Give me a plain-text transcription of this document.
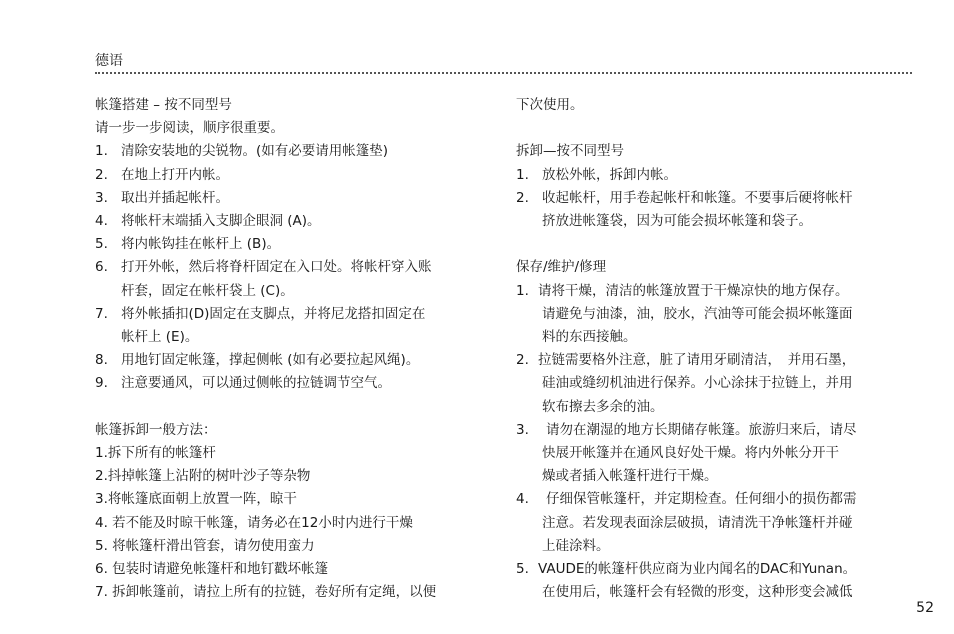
德语

帐篷搭建 – 按不同型号

请一步一步阅读，顺序很重要。

1. 清除安装地的尖锐物。(如有必要请用帐篷垫)
2. 在地上打开内帐。
3. 取出并插起帐杆。
4. 将帐杆末端插入支脚企眼洞 (A)。
5. 将内帐钩挂在帐杆上 (B)。
6. 打开外帐，然后将脊杆固定在入口处。将帐杆穿入账

杆套，固定在帐杆袋上 (C)。

7. 将外帐插扣(D)固定在支脚点，并将尼龙搭扣固定在

帐杆上 (E)。

8. 用地钉固定帐篷，撑起侧帐 (如有必要拉起风绳)。
9. 注意要通风，可以通过侧帐的拉链调节空气。

帐篷拆卸一般方法：

1.拆下所有的帐篷杆

2.抖掉帐篷上沾附的树叶沙子等杂物

3.将帐篷底面朝上放置一阵，晾干

4. 若不能及时晾干帐篷，请务必在12小时内进行干燥

5. 将帐篷杆滑出管套，请勿使用蛮力

6. 包装时请避免帐篷杆和地钉戳坏帐篷

7. 拆卸帐篷前，请拉上所有的拉链，卷好所有定绳，以便

下次使用。

拆卸—按不同型号

1. 放松外帐，拆卸内帐。
2. 收起帐杆，用手卷起帐杆和帐篷。不要事后硬将帐杆

挤放进帐篷袋，因为可能会损坏帐篷和袋子。

保存/维护/修理

1. 请将干燥，清洁的帐篷放置于干燥凉快的地方保存。

请避免与油漆，油，胶水，汽油等可能会损坏帐篷面

料的东西接触。

2. 拉链需要格外注意，脏了请用牙刷清洁，　并用石墨，

硅油或缝纫机油进行保养。小心涂抹于拉链上，并用

软布擦去多余的油。

3.	请勿在潮湿的地方长期储存帐篷。旅游归来后，请尽

快展开帐篷并在通风良好处干燥。将内外帐分开干

燥或者插入帐篷杆进行干燥。

4.	仔细保管帐篷杆，并定期检查。任何细小的损伤都需

注意。若发现表面涂层破损，请清洗干净帐篷杆并碰

上硅涂料。

5. VAUDE的帐篷杆供应商为业内闻名的DAC和Yunan。

在使用后，帐篷杆会有轻微的形变，这种形变会减低

52
